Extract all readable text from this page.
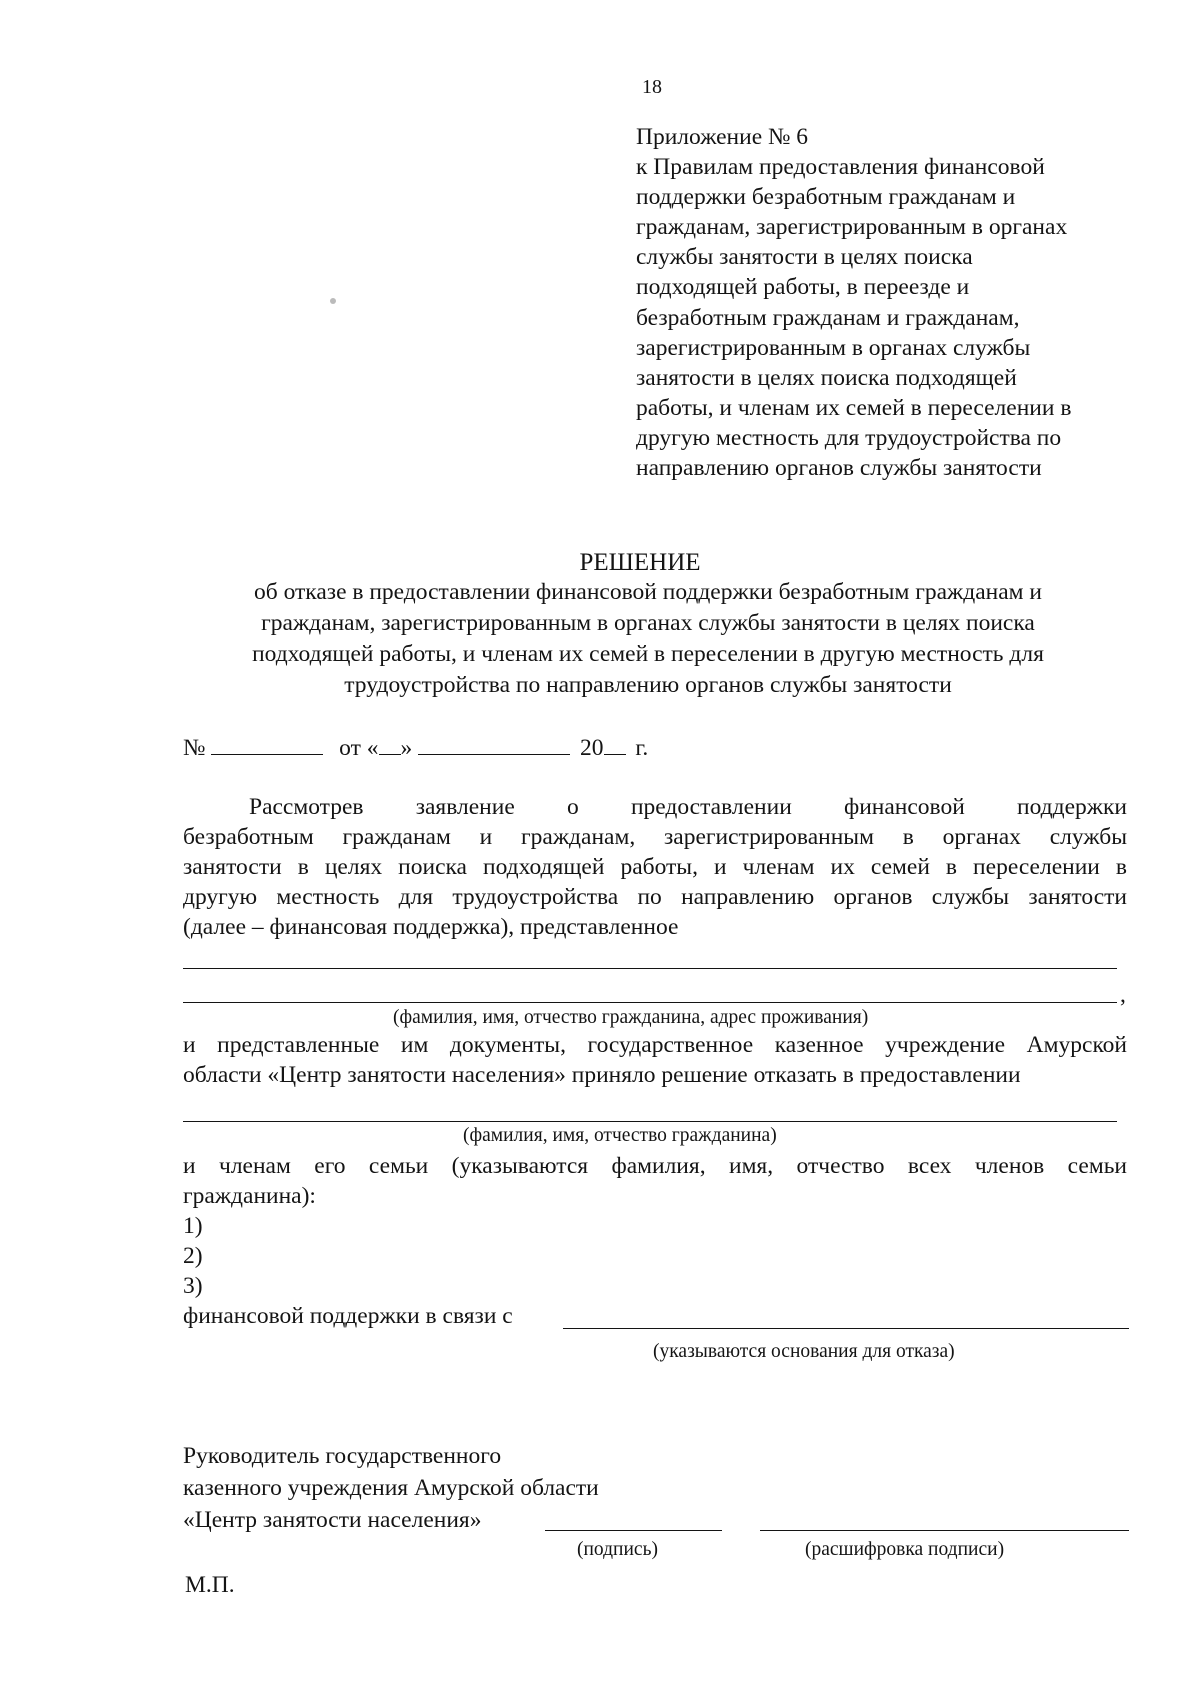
18
Приложение № 6
к Правилам предоставления финансовой
поддержки безработным гражданам и
гражданам, зарегистрированным в органах
службы занятости в целях поиска
подходящей работы, в переезде и
безработным гражданам и гражданам,
зарегистрированным в органах службы
занятости в целях поиска подходящей
работы, и членам их семей в переселении в
другую местность для трудоустройства по
направлению органов службы занятости
РЕШЕНИЕ
об отказе в предоставлении финансовой поддержки безработным гражданам и
гражданам, зарегистрированным в органах службы занятости в целях поиска
подходящей работы, и членам их семей в переселении в другую местность для
трудоустройства по направлению органов службы занятости
№	от « »	20 г.
Рассмотрев заявление о предоставлении финансовой поддержки
безработным гражданам и гражданам, зарегистрированным в органах службы
занятости в целях поиска подходящей работы, и членам их семей в переселении в
другую местность для трудоустройства по направлению органов службы занятости
(далее – финансовая поддержка), представленное
,
(фамилия, имя, отчество гражданина, адрес проживания)
и представленные им документы, государственное казенное учреждение Амурской
области «Центр занятости населения» приняло решение отказать в предоставлении
(фамилия, имя, отчество гражданина)
и членам его семьи (указываются фамилия, имя, отчество всех членов семьи
гражданина):
1)
2)
3)
финансовой поддержки в связи с
(указываются основания для отказа)
Руководитель государственного
казенного учреждения Амурской области
«Центр занятости населения»
(подпись)	(расшифровка подписи)
М.П.
